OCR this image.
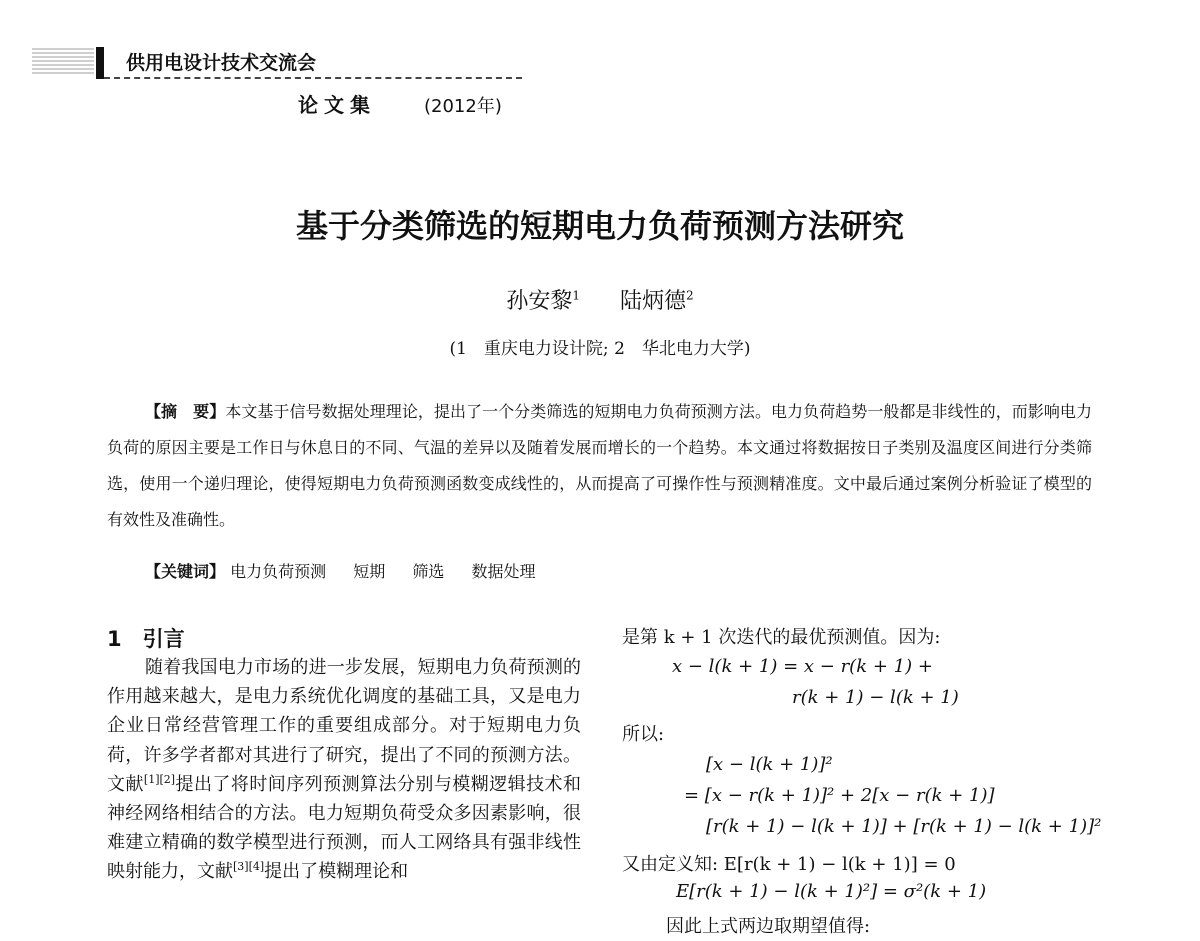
供用电设计技术交流会
论文集	(2012年)
基于分类筛选的短期电力负荷预测方法研究
孙安黎$^1$ 陆炳德$^2$
(1　重庆电力设计院; 2　华北电力大学)
【摘　要】本文基于信号数据处理理论，提出了一个分类筛选的短期电力负荷预测方法。电力负荷趋势一般都是非线性的，而影响电力负荷的原因主要是工作日与休息日的不同、气温的差异以及随着发展而增长的一个趋势。本文通过将数据按日子类别及温度区间进行分类筛选，使用一个递归理论，使得短期电力负荷预测函数变成线性的，从而提高了可操作性与预测精准度。文中最后通过案例分析验证了模型的有效性及准确性。
【关键词】 电力负荷预测 短期 筛选 数据处理
1　引言
随着我国电力市场的进一步发展，短期电力负荷预测的作用越来越大，是电力系统优化调度的基础工具，又是电力企业日常经营管理工作的重要组成部分。对于短期电力负荷，许多学者都对其进行了研究，提出了不同的预测方法。文献[1][2]提出了将时间序列预测算法分别与模糊逻辑技术和神经网络相结合的方法。电力短期负荷受众多因素影响，很难建立精确的数学模型进行预测，而人工网络具有强非线性映射能力，文献[3][4]提出了模糊理论和
是第 k + 1 次迭代的最优预测值。因为:
x − l(k + 1) = x − r(k + 1) +
r(k + 1) − l(k + 1)
所以:
[x − l(k + 1)]²
= [x − r(k + 1)]² + 2[x − r(k + 1)]
[r(k + 1) − l(k + 1)] + [r(k + 1) − l(k + 1)]²
又由定义知: E[r(k + 1) − l(k + 1)] = 0
E[r(k + 1) − l(k + 1)²] = σ²(k + 1)
因此上式两边取期望值得:
